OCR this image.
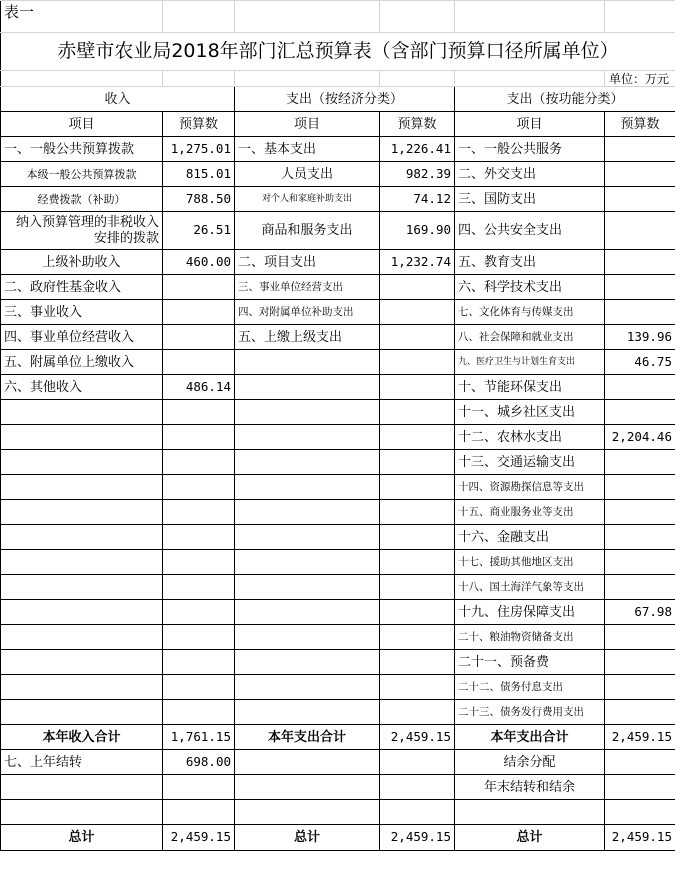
表一					
赤壁市农业局2018年部门汇总预算表（含部门预算口径所属单位）					
					单位：万元
收入		支出（按经济分类）		支出（按功能分类）	
项目	预算数	项目	预算数	项目	预算数
一、一般公共预算拨款	1,275.01	一、基本支出	1,226.41	一、一般公共服务	
本级一般公共预算拨款	815.01	人员支出	982.39	二、外交支出	
经费拨款（补助）	788.50	对个人和家庭补助支出	74.12	三、国防支出	
纳入预算管理的非税收入安排的拨款	26.51	商品和服务支出	169.90	四、公共安全支出	
上级补助收入	460.00	二、项目支出	1,232.74	五、教育支出	
二、政府性基金收入		三、事业单位经营支出		六、科学技术支出	
三、事业收入		四、对附属单位补助支出		七、文化体育与传媒支出	
四、事业单位经营收入		五、上缴上级支出		八、社会保障和就业支出	139.96
五、附属单位上缴收入				九、医疗卫生与计划生育支出	46.75
六、其他收入	486.14			十、节能环保支出	
				十一、城乡社区支出	
				十二、农林水支出	2,204.46
				十三、交通运输支出	
				十四、资源勘探信息等支出	
				十五、商业服务业等支出	
				十六、金融支出	
				十七、援助其他地区支出	
				十八、国土海洋气象等支出	
				十九、住房保障支出	67.98
				二十、粮油物资储备支出	
				二十一、预备费	
				二十二、债务付息支出	
				二十三、债务发行费用支出	
本年收入合计	1,761.15	本年支出合计	2,459.15	本年支出合计	2,459.15
七、上年结转	698.00			结余分配	
				年末结转和结余	

总计	2,459.15	总计	2,459.15	总计	2,459.15
